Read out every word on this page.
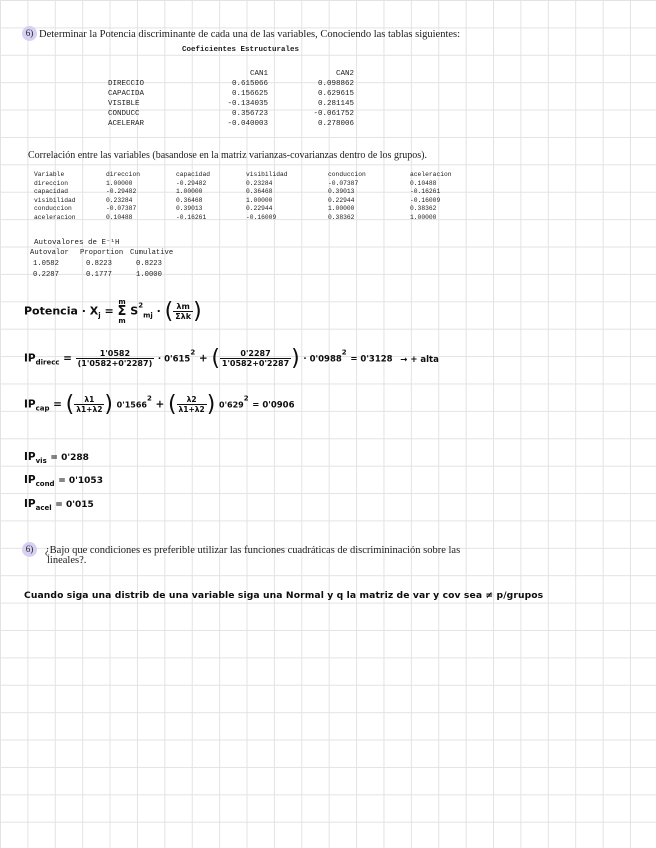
6) Determinar la Potencia discriminante de cada una de las variables, Conociendo las tablas siguientes:
Coeficientes Estructurales
	CAN1	CAN2
DIRECCIO	0.615066	0.098862
CAPACIDA	0.156625	0.629615
VISIBLE	-0.134035	0.281145
CONDUCC	0.356723	-0.061752
ACELERAR	-0.040003	0.278006
Correlación entre las variables (basandose en la matriz varianzas-covarianzas dentro de los grupos).
Variable	direccion	capacidad	visibilidad	conduccion	aceleracion
direccion	1.00000	-0.29482	0.23284	-0.07387	0.10488
capacidad	-0.29482	1.00000	0.36468	0.39013	-0.16261
visibilidad	0.23284	0.36468	1.00000	0.22944	-0.16009
conduccion	-0.07387	0.39013	0.22944	1.00000	0.38362
aceleracion	0.10488	-0.16261	-0.16009	0.38362	1.00000
Autovalores de E⁻¹H
Autovalor	Proportion	Cumulative
1.0582	0.8223	0.8223
0.2287	0.1777	1.0000
Potencia · $X_j$ =
m
Σ
m
$S^2_{mj}$ · ( $\frac{\lambda m}{\text{Σλk}}$ )
$IP_{direcc} = \frac{1'0582}{(1'0582+0'2287)} \cdot 0'615^2$ + ( $\frac{0'2287}{1'0582+0'2287}$ ) · $0'0988^2 = 0'3128$ → + alta
$IP_{cap}$ = ( $\frac{\lambda 1}{\lambda 1+\lambda 2}$ ) $0'1566^2$ + ( $\frac{\lambda 2}{\lambda 1+\lambda 2}$ ) $0'629^2 = 0'0906$
$IP_{vis} = 0'288$
$IP_{cond} = 0'1053$
$IP_{acel} = 0'015$
6) ¿Bajo que condiciones es preferible utilizar las funciones cuadráticas de discrimininación sobre las
lineales?.
Cuando siga una distrib de una variable siga una Normal y q la matriz de var y cov sea ≠ p/grupos
